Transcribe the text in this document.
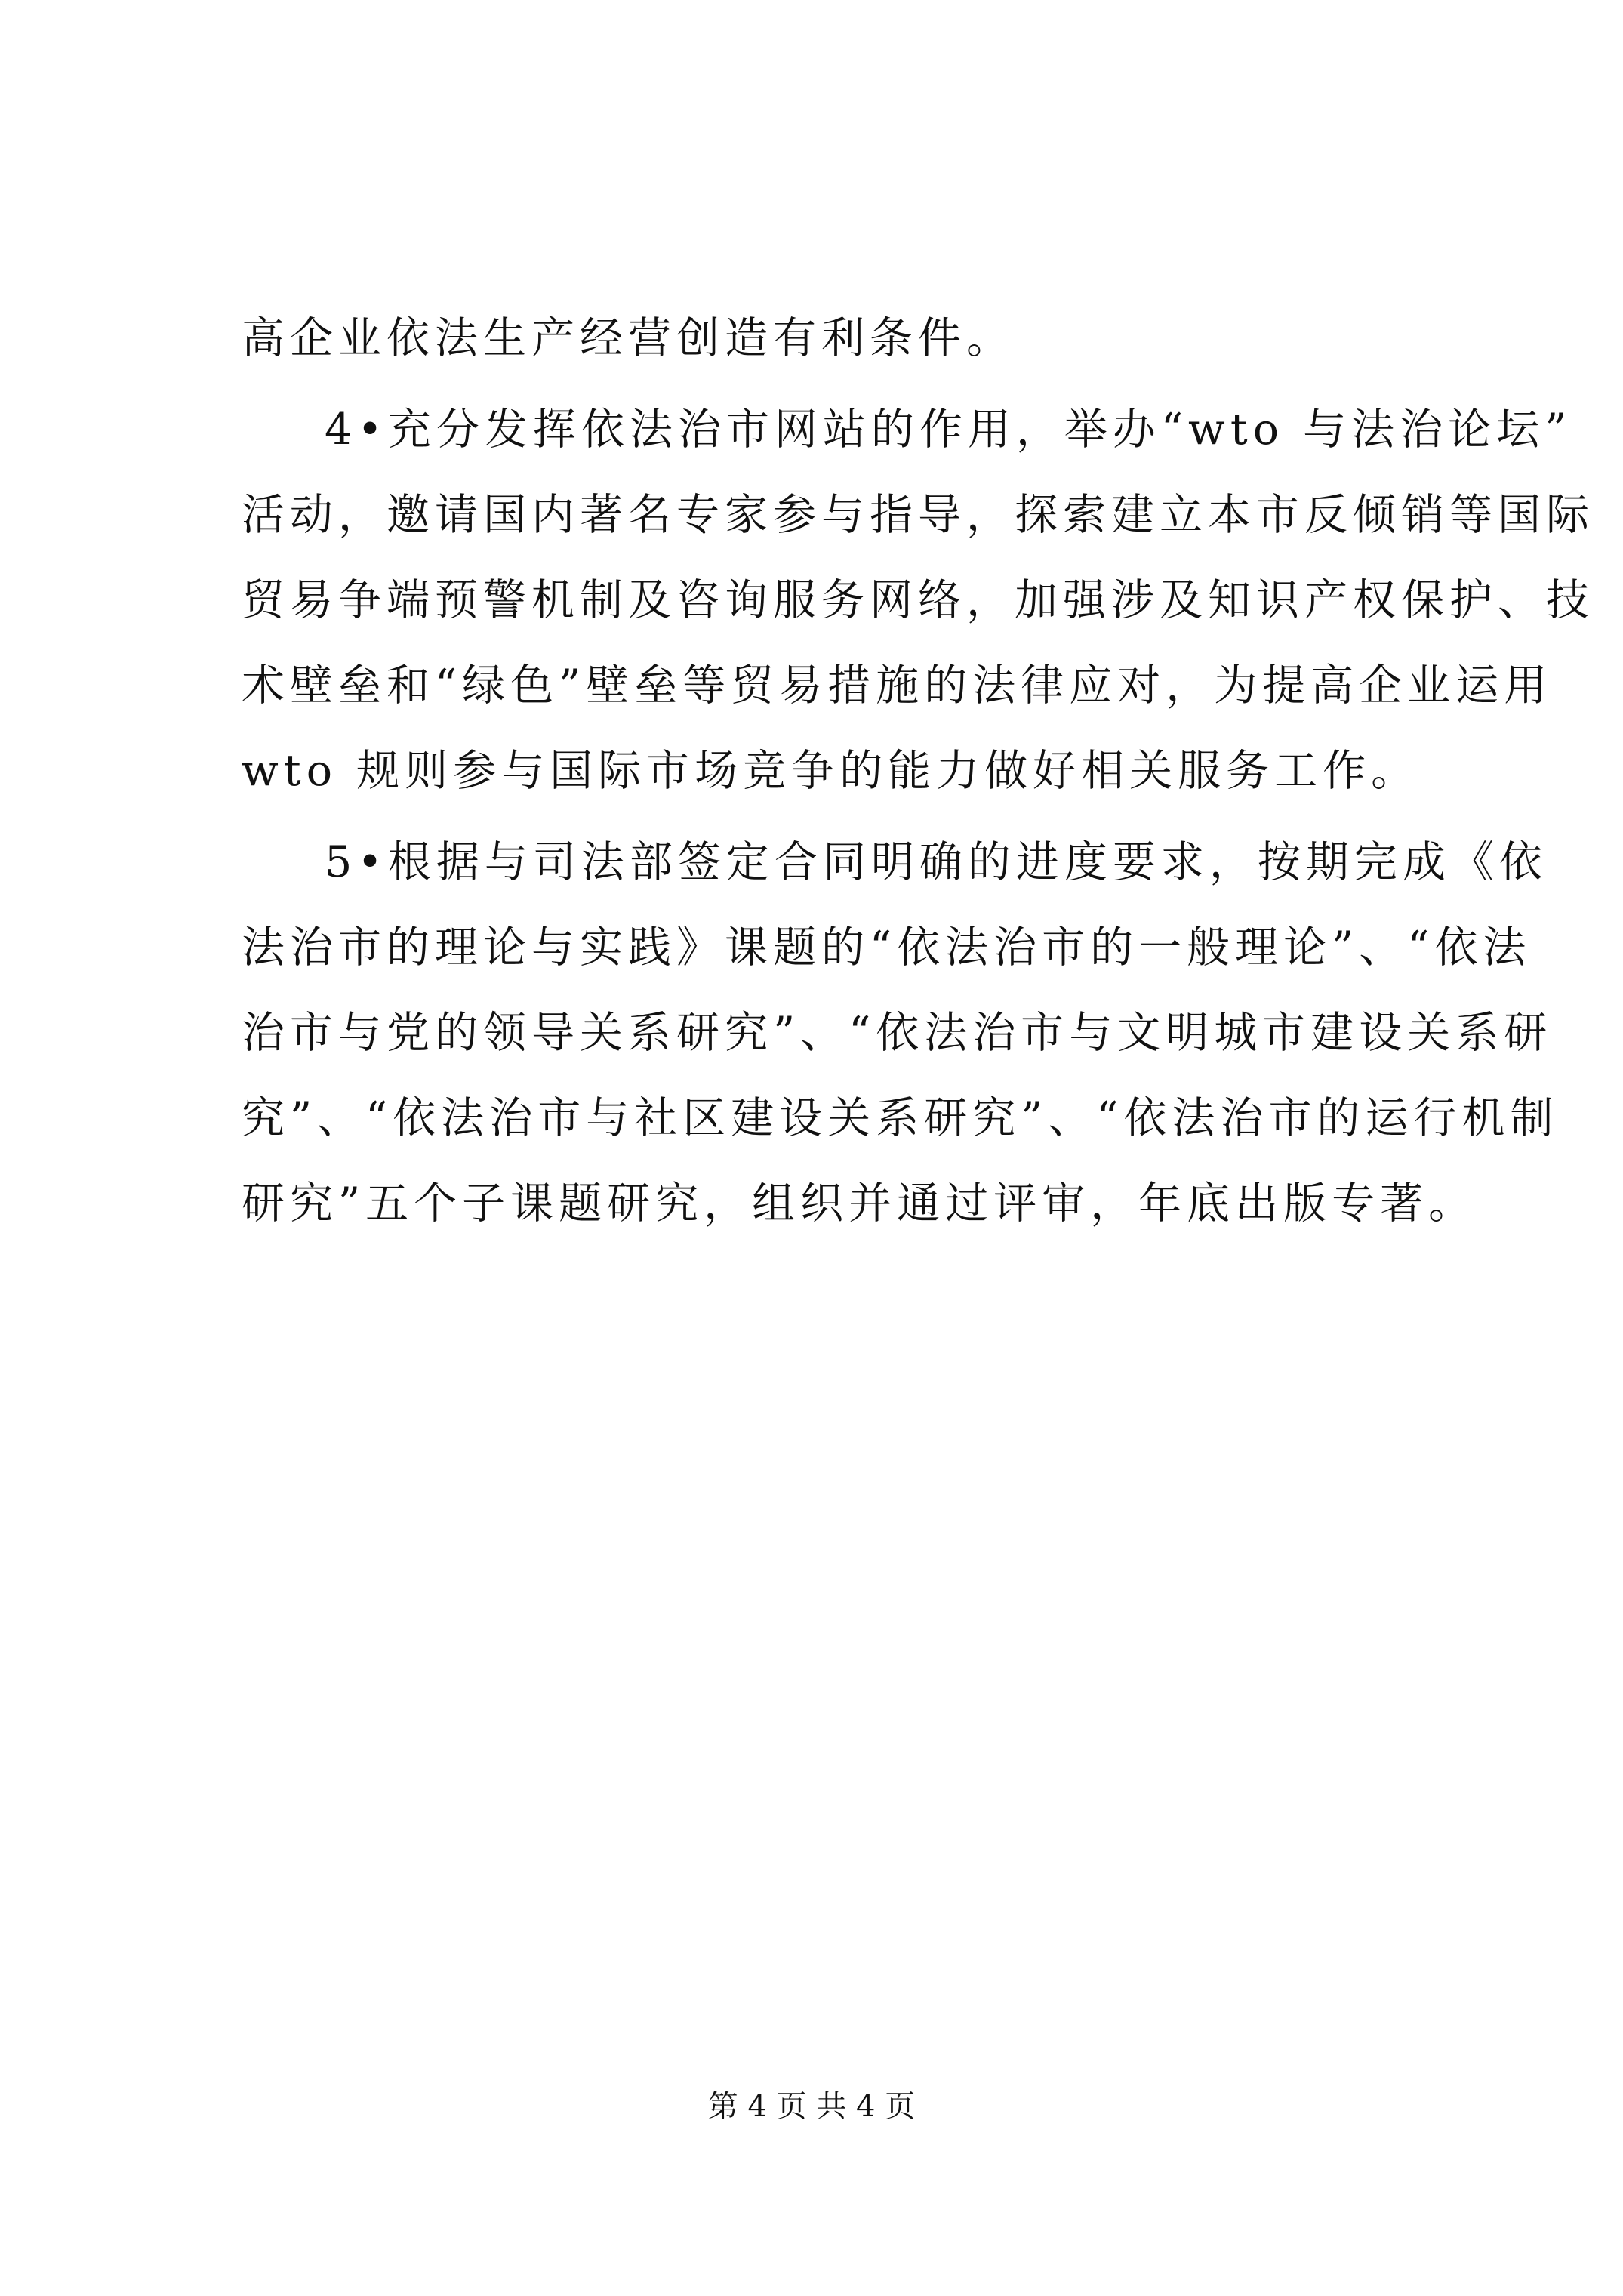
高企业依法生产经营创造有利条件。
4•充分发挥依法治市网站的作用，举办“wto 与法治论坛”
活动，邀请国内著名专家参与指导，探索建立本市反倾销等国际
贸易争端预警机制及咨询服务网络，加强涉及知识产权保护、技
术壁垒和“绿色”壁垒等贸易措施的法律应对，为提高企业运用
wto 规则参与国际市场竞争的能力做好相关服务工作。
5•根据与司法部签定合同明确的进度要求，按期完成《依
法治市的理论与实践》课题的“依法治市的一般理论”、“依法
治市与党的领导关系研究”、“依法治市与文明城市建设关系研
究”、“依法治市与社区建设关系研究”、“依法治市的运行机制
研究”五个子课题研究，组织并通过评审，年底出版专著。
第 4 页 共 4 页
